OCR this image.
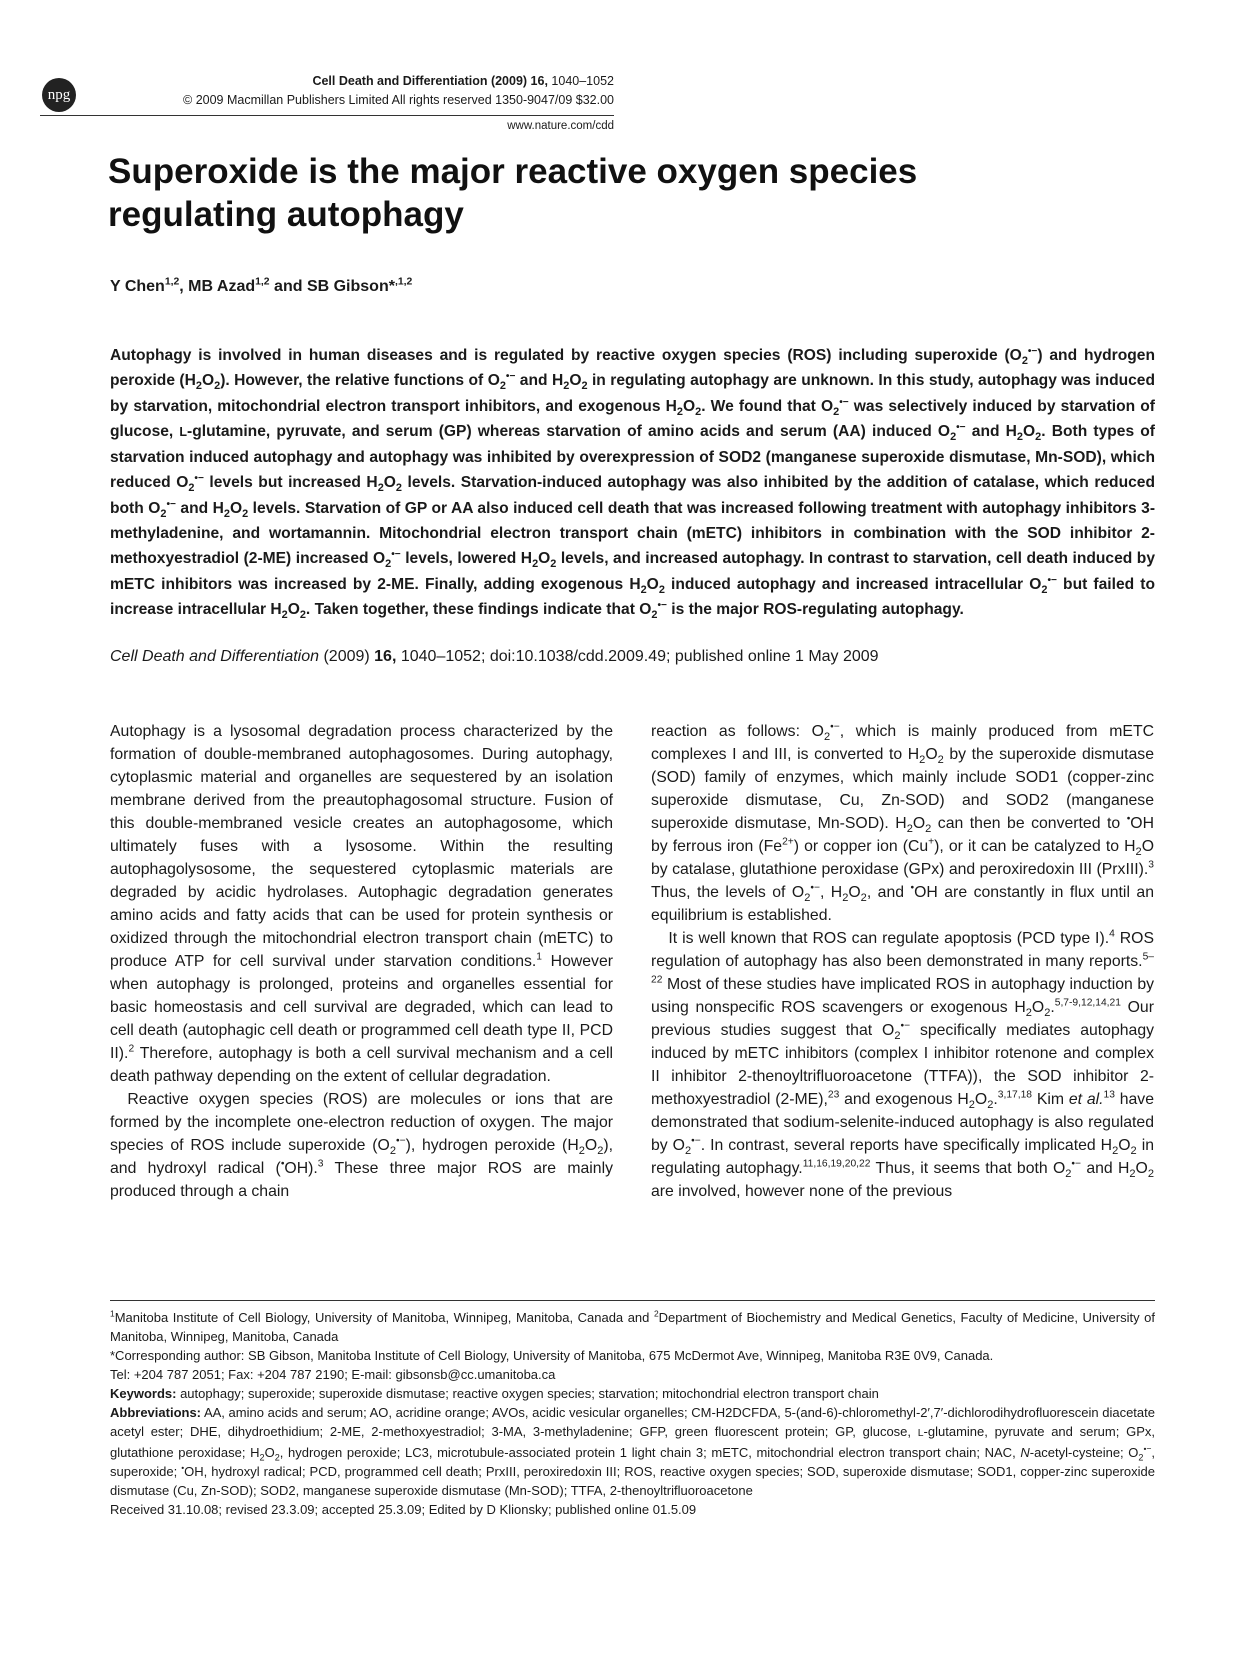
npg
Cell Death and Differentiation (2009) 16, 1040–1052
© 2009 Macmillan Publishers Limited All rights reserved 1350-9047/09 $32.00
www.nature.com/cdd
Superoxide is the major reactive oxygen species regulating autophagy
Y Chen$^{1,2}$, MB Azad$^{1,2}$ and SB Gibson*$^{,1,2}$
Autophagy is involved in human diseases and is regulated by reactive oxygen species (ROS) including superoxide $(O_2^{•-})$ and hydrogen peroxide $(H_2O_2)$. However, the relative functions of $O_2^{•-}$ and $H_2O_2$ in regulating autophagy are unknown. In this study, autophagy was induced by starvation, mitochondrial electron transport inhibitors, and exogenous $H_2O_2$. We found that $O_2^{•-}$ was selectively induced by starvation of glucose, L-glutamine, pyruvate, and serum (GP) whereas starvation of amino acids and serum (AA) induced $O_2^{•-}$ and $H_2O_2$. Both types of starvation induced autophagy and autophagy was inhibited by overexpression of SOD2 (manganese superoxide dismutase, Mn-SOD), which reduced $O_2^{•-}$ levels but increased $H_2O_2$ levels. Starvation-induced autophagy was also inhibited by the addition of catalase, which reduced both $O_2^{•-}$ and $H_2O_2$ levels. Starvation of GP or AA also induced cell death that was increased following treatment with autophagy inhibitors 3-methyladenine, and wortamannin. Mitochondrial electron transport chain (mETC) inhibitors in combination with the SOD inhibitor 2-methoxyestradiol (2-ME) increased $O_2^{•-}$ levels, lowered $H_2O_2$ levels, and increased autophagy. In contrast to starvation, cell death induced by mETC inhibitors was increased by 2-ME. Finally, adding exogenous $H_2O_2$ induced autophagy and increased intracellular $O_2^{•-}$ but failed to increase intracellular $H_2O_2$. Taken together, these findings indicate that $O_2^{•-}$ is the major ROS-regulating autophagy.
Cell Death and Differentiation (2009) 16, 1040–1052; doi:10.1038/cdd.2009.49; published online 1 May 2009

Autophagy is a lysosomal degradation process characterized by the formation of double-membraned autophagosomes. During autophagy, cytoplasmic material and organelles are sequestered by an isolation membrane derived from the preautophagosomal structure. Fusion of this double-membraned vesicle creates an autophagosome, which ultimately fuses with a lysosome. Within the resulting autophagolysosome, the sequestered cytoplasmic materials are degraded by acidic hydrolases. Autophagic degradation generates amino acids and fatty acids that can be used for protein synthesis or oxidized through the mitochondrial electron transport chain (mETC) to produce ATP for cell survival under starvation conditions.$^1$ However when autophagy is prolonged, proteins and organelles essential for basic homeostasis and cell survival are degraded, which can lead to cell death (autophagic cell death or programmed cell death type II, PCD II).$^2$ Therefore, autophagy is both a cell survival mechanism and a cell death pathway depending on the extent of cellular degradation.

Reactive oxygen species (ROS) are molecules or ions that are formed by the incomplete one-electron reduction of oxygen. The major species of ROS include superoxide $(O_2^{•-})$, hydrogen peroxide $(H_2O_2)$, and hydroxyl radical (•OH).$^3$ These three major ROS are mainly produced through a chain

reaction as follows: $O_2^{•-}$, which is mainly produced from mETC complexes I and III, is converted to $H_2O_2$ by the superoxide dismutase (SOD) family of enzymes, which mainly include SOD1 (copper-zinc superoxide dismutase, Cu, Zn-SOD) and SOD2 (manganese superoxide dismutase, Mn-SOD). $H_2O_2$ can then be converted to •OH by ferrous iron $(Fe^{2+})$ or copper ion (Cu+), or it can be catalyzed to $H_2O$ by catalase, glutathione peroxidase (GPx) and peroxiredoxin III (PrxIII).$^3$ Thus, the levels of $O_2^{•-}$, $H_2O_2$, and •OH are constantly in flux until an equilibrium is established.

It is well known that ROS can regulate apoptosis (PCD type I).$^4$ ROS regulation of autophagy has also been demonstrated in many reports.$^{5-22}$ Most of these studies have implicated ROS in autophagy induction by using nonspecific ROS scavengers or exogenous $H_2O_2.^{5,7-9,12,14,21}$ Our previous studies suggest that $O_2^{•-}$ specifically mediates autophagy induced by mETC inhibitors (complex I inhibitor rotenone and complex II inhibitor 2-thenoyltrifluoroacetone (TTFA)), the SOD inhibitor 2-methoxyestradiol (2-ME),$^{23}$ and exogenous $H_2O_2.^{3,17,18}$ Kim et al.$^{13}$ have demonstrated that sodium-selenite-induced autophagy is also regulated by $O_2^{•-}$. In contrast, several reports have specifically implicated $H_2O_2$ in regulating autophagy.$^{11,16,19,20,22}$ Thus, it seems that both $O_2^{•-}$ and $H_2O_2$ are involved, however none of the previous

$^1$Manitoba Institute of Cell Biology, University of Manitoba, Winnipeg, Manitoba, Canada and $^2$Department of Biochemistry and Medical Genetics, Faculty of Medicine, University of Manitoba, Winnipeg, Manitoba, Canada

*Corresponding author: SB Gibson, Manitoba Institute of Cell Biology, University of Manitoba, 675 McDermot Ave, Winnipeg, Manitoba R3E 0V9, Canada.

Tel: +204 787 2051; Fax: +204 787 2190; E-mail: gibsonsb@cc.umanitoba.ca

Keywords: autophagy; superoxide; superoxide dismutase; reactive oxygen species; starvation; mitochondrial electron transport chain

Abbreviations: AA, amino acids and serum; AO, acridine orange; AVOs, acidic vesicular organelles; CM-H2DCFDA, 5-(and-6)-chloromethyl-2′,7′-dichlorodihydrofluorescein diacetate acetyl ester; DHE, dihydroethidium; 2-ME, 2-methoxyestradiol; 3-MA, 3-methyladenine; GFP, green fluorescent protein; GP, glucose, L-glutamine, pyruvate and serum; GPx, glutathione peroxidase; $H_2O_2$, hydrogen peroxide; LC3, microtubule-associated protein 1 light chain 3; mETC, mitochondrial electron transport chain; NAC, N-acetyl-cysteine; $O_2^{•-}$, superoxide; •OH, hydroxyl radical; PCD, programmed cell death; PrxIII, peroxiredoxin III; ROS, reactive oxygen species; SOD, superoxide dismutase; SOD1, copper-zinc superoxide dismutase (Cu, Zn-SOD); SOD2, manganese superoxide dismutase (Mn-SOD); TTFA, 2-thenoyltrifluoroacetone

Received 31.10.08; revised 23.3.09; accepted 25.3.09; Edited by D Klionsky; published online 01.5.09
